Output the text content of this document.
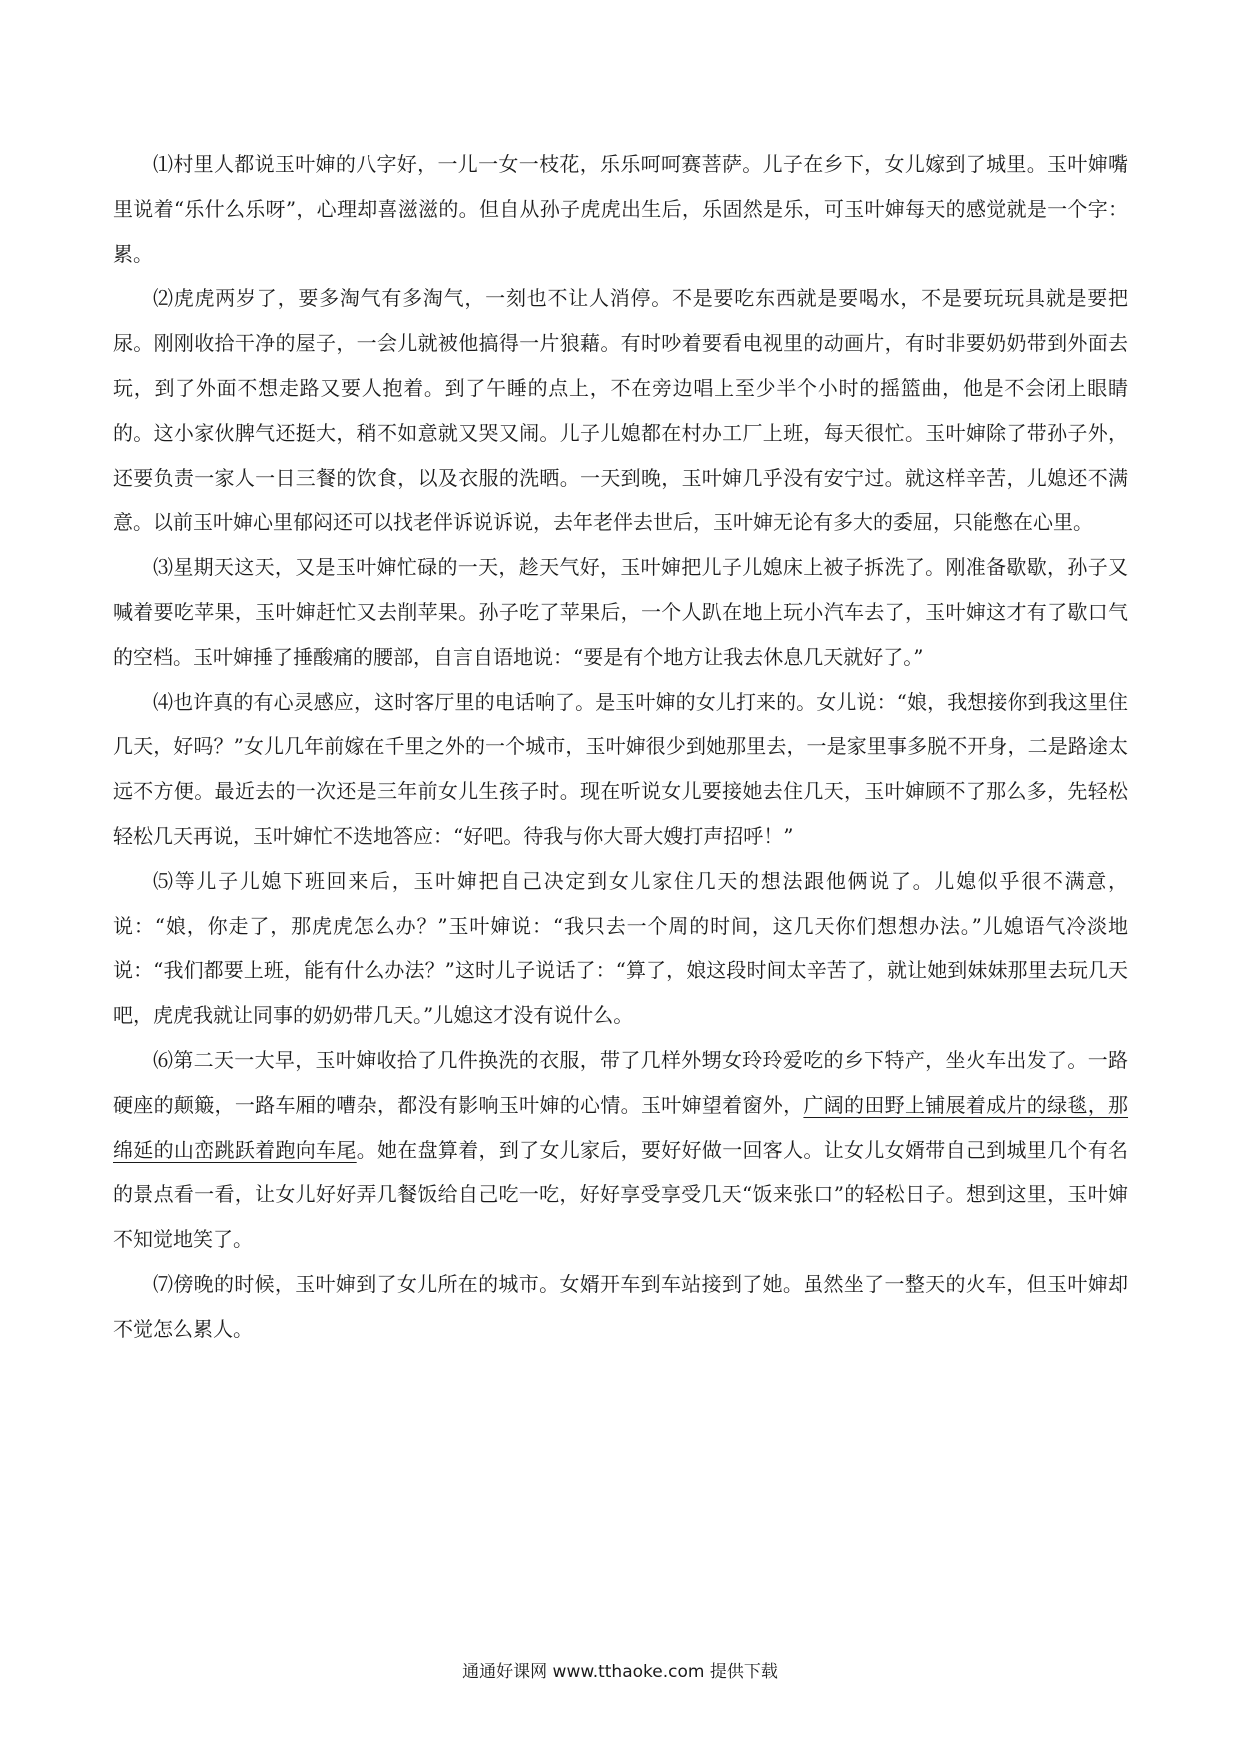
⑴村里人都说玉叶婶的八字好，一儿一女一枝花，乐乐呵呵赛菩萨。儿子在乡下，女儿嫁到了城里。玉叶婶嘴里说着“乐什么乐呀”，心理却喜滋滋的。但自从孙子虎虎出生后，乐固然是乐，可玉叶婶每天的感觉就是一个字：累。

⑵虎虎两岁了，要多淘气有多淘气，一刻也不让人消停。不是要吃东西就是要喝水，不是要玩玩具就是要把尿。刚刚收拾干净的屋子，一会儿就被他搞得一片狼藉。有时吵着要看电视里的动画片，有时非要奶奶带到外面去玩，到了外面不想走路又要人抱着。到了午睡的点上，不在旁边唱上至少半个小时的摇篮曲，他是不会闭上眼睛的。这小家伙脾气还挺大，稍不如意就又哭又闹。儿子儿媳都在村办工厂上班，每天很忙。玉叶婶除了带孙子外，还要负责一家人一日三餐的饮食，以及衣服的洗晒。一天到晚，玉叶婶几乎没有安宁过。就这样辛苦，儿媳还不满意。以前玉叶婶心里郁闷还可以找老伴诉说诉说，去年老伴去世后，玉叶婶无论有多大的委屈，只能憋在心里。

⑶星期天这天，又是玉叶婶忙碌的一天，趁天气好，玉叶婶把儿子儿媳床上被子拆洗了。刚准备歇歇，孙子又喊着要吃苹果，玉叶婶赶忙又去削苹果。孙子吃了苹果后，一个人趴在地上玩小汽车去了，玉叶婶这才有了歇口气的空档。玉叶婶捶了捶酸痛的腰部，自言自语地说：“要是有个地方让我去休息几天就好了。”

⑷也许真的有心灵感应，这时客厅里的电话响了。是玉叶婶的女儿打来的。女儿说：“娘，我想接你到我这里住几天，好吗？”女儿几年前嫁在千里之外的一个城市，玉叶婶很少到她那里去，一是家里事多脱不开身，二是路途太远不方便。最近去的一次还是三年前女儿生孩子时。现在听说女儿要接她去住几天，玉叶婶顾不了那么多，先轻松轻松几天再说，玉叶婶忙不迭地答应：“好吧。待我与你大哥大嫂打声招呼！”

⑸等儿子儿媳下班回来后，玉叶婶把自己决定到女儿家住几天的想法跟他俩说了。儿媳似乎很不满意，说：“娘，你走了，那虎虎怎么办？”玉叶婶说：“我只去一个周的时间，这几天你们想想办法。”儿媳语气冷淡地说：“我们都要上班，能有什么办法？”这时儿子说话了：“算了，娘这段时间太辛苦了，就让她到妹妹那里去玩几天吧，虎虎我就让同事的奶奶带几天。”儿媳这才没有说什么。

⑹第二天一大早，玉叶婶收拾了几件换洗的衣服，带了几样外甥女玲玲爱吃的乡下特产，坐火车出发了。一路硬座的颠簸，一路车厢的嘈杂，都没有影响玉叶婶的心情。玉叶婶望着窗外，广阔的田野上铺展着成片的绿毯，那绵延的山峦跳跃着跑向车尾。她在盘算着，到了女儿家后，要好好做一回客人。让女儿女婿带自己到城里几个有名的景点看一看，让女儿好好弄几餐饭给自己吃一吃，好好享受享受几天“饭来张口”的轻松日子。想到这里，玉叶婶不知觉地笑了。

⑺傍晚的时候，玉叶婶到了女儿所在的城市。女婿开车到车站接到了她。虽然坐了一整天的火车，但玉叶婶却不觉怎么累人。

通通好课网 www.tthaoke.com 提供下载
